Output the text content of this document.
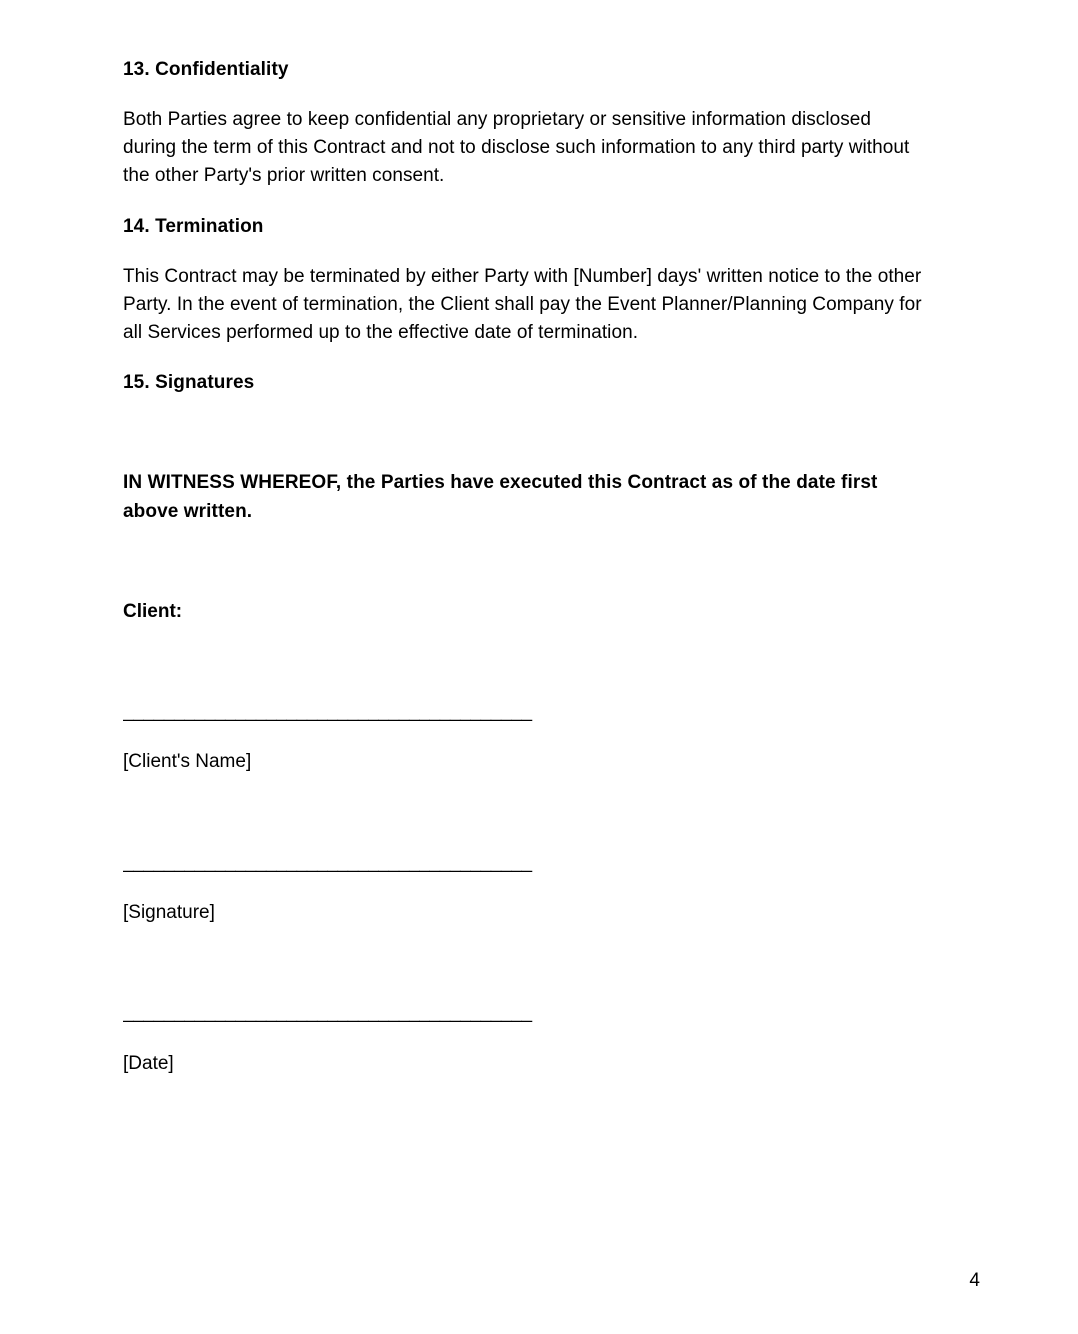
13. Confidentiality

Both Parties agree to keep confidential any proprietary or sensitive information disclosed during the term of this Contract and not to disclose such information to any third party without the other Party's prior written consent.

14. Termination

This Contract may be terminated by either Party with [Number] days' written notice to the other Party. In the event of termination, the Client shall pay the Event Planner/Planning Company for all Services performed up to the effective date of termination.

15. Signatures

IN WITNESS WHEREOF, the Parties have executed this Contract as of the date first above written.

Client:

________________________________________

[Client's Name]

________________________________________

[Signature]

________________________________________

[Date]

4
